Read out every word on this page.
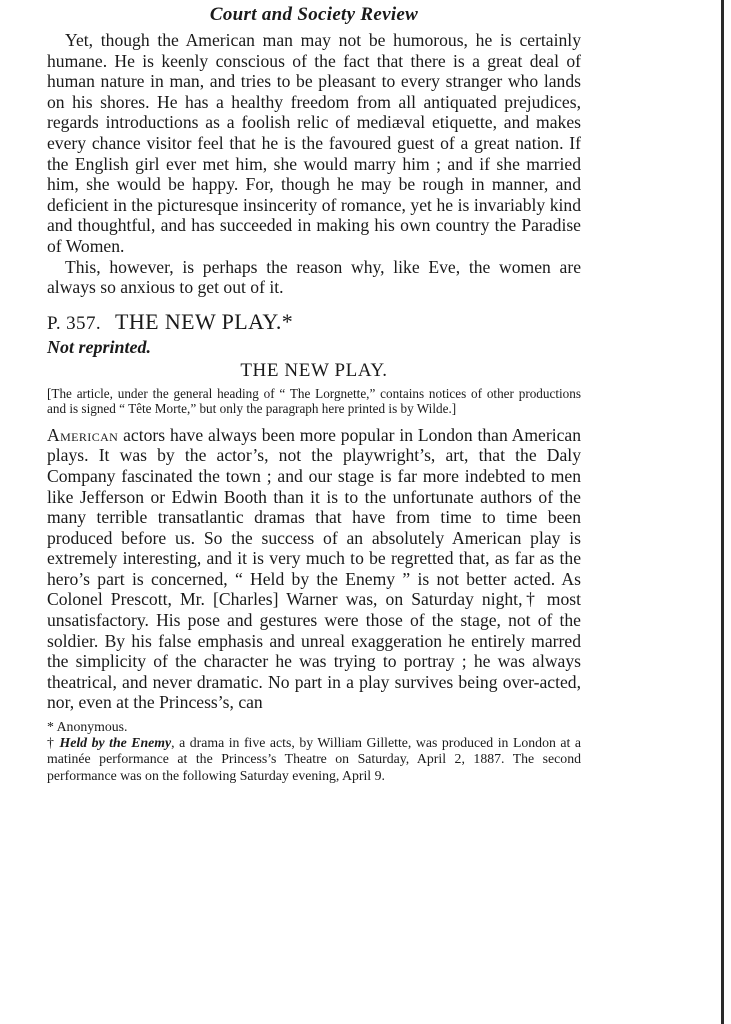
Court and Society Review

Yet, though the American man may not be humorous, he is certainly humane. He is keenly conscious of the fact that there is a great deal of human nature in man, and tries to be pleasant to every stranger who lands on his shores. He has a healthy freedom from all antiquated prejudices, regards introductions as a foolish relic of mediæval etiquette, and makes every chance visitor feel that he is the favoured guest of a great nation. If the English girl ever met him, she would marry him ; and if she married him, she would be happy. For, though he may be rough in manner, and deficient in the picturesque insincerity of romance, yet he is invariably kind and thoughtful, and has succeeded in making his own country the Paradise of Women.

This, however, is perhaps the reason why, like Eve, the women are always so anxious to get out of it.

P. 357. THE NEW PLAY.*
Not reprinted.
THE NEW PLAY.

[The article, under the general heading of “ The Lorgnette,” contains notices of other productions and is signed “ Tête Morte,” but only the paragraph here printed is by Wilde.]

American actors have always been more popular in London than American plays. It was by the actor’s, not the playwright’s, art, that the Daly Company fascinated the town ; and our stage is far more indebted to men like Jefferson or Edwin Booth than it is to the unfortunate authors of the many terrible transatlantic dramas that have from time to time been produced before us. So the success of an absolutely American play is extremely interesting, and it is very much to be regretted that, as far as the hero’s part is concerned, “ Held by the Enemy ” is not better acted. As Colonel Prescott, Mr. [Charles] Warner was, on Saturday night,† most unsatisfactory. His pose and gestures were those of the stage, not of the soldier. By his false emphasis and unreal exaggeration he entirely marred the simplicity of the character he was trying to portray ; he was always theatrical, and never dramatic. No part in a play survives being over-acted, nor, even at the Princess’s, can

* Anonymous.

† Held by the Enemy, a drama in five acts, by William Gillette, was produced in London at a matinée performance at the Princess’s Theatre on Saturday, April 2, 1887. The second performance was on the following Saturday evening, April 9.
